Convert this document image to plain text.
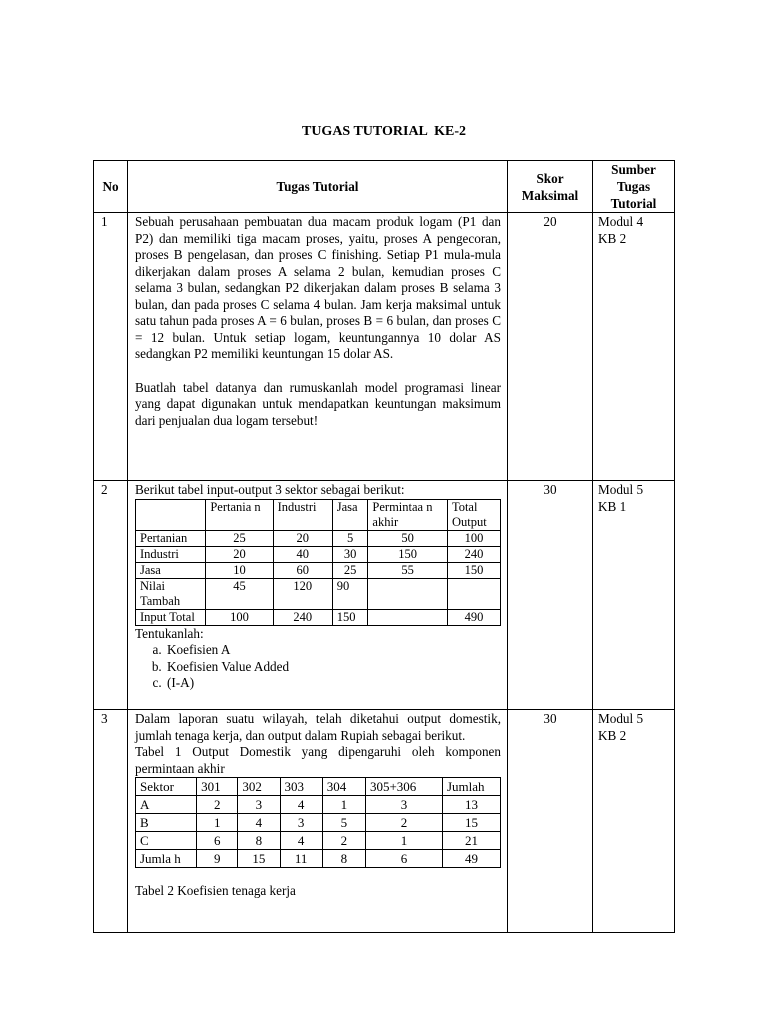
TUGAS TUTORIAL  KE-2
No	Tugas Tutorial	Skor Maksimal	Sumber Tugas Tutorial
1	Sebuah perusahaan pembuatan dua macam produk logam (P1 dan P2) dan memiliki tiga macam proses, yaitu, proses A pengecoran, proses B pengelasan, dan proses C finishing. Setiap P1 mula-mula dikerjakan dalam proses A selama 2 bulan, kemudian proses C selama 3 bulan, sedangkan P2 dikerjakan dalam proses B selama 3 bulan, dan pada proses C selama 4 bulan. Jam kerja maksimal untuk satu tahun pada proses A = 6 bulan, proses B = 6 bulan, dan proses C = 12 bulan. Untuk setiap logam, keuntungannya 10 dolar AS sedangkan P2 memiliki keuntungan 15 dolar AS.
Buatlah tabel datanya dan rumuskanlah model programasi linear yang dapat digunakan untuk mendapatkan keuntungan maksimum dari penjualan dua logam tersebut!
	20	Modul 4
KB 2

2	Berikut tabel input-output 3 sektor sebagai berikut:
	Pertania n	Industri	Jasa	Permintaa n akhir	Total Output
Pertanian	25	20	5	50	100
Industri	20	40	30	150	240
Jasa	10	60	25	55	150
Nilai Tambah	45	120	90		
Input Total	100	240	150		490
Tentukanlah:
a. Koefisien A
b. Koefisien Value Added
c. (I-A)
	30	Modul 5
KB 1

3	Dalam laporan suatu wilayah, telah diketahui output domestik, jumlah tenaga kerja, dan output dalam Rupiah sebagai berikut.
Tabel 1 Output Domestik yang dipengaruhi oleh komponen permintaan akhir
Sektor	301	302	303	304	305+306	Jumlah
A	2	3	4	1	3	13
B	1	4	3	5	2	15
C	6	8	4	2	1	21
Jumla h	9	15	11	8	6	49
Tabel 2 Koefisien tenaga kerja
	30	Modul 5
KB 2
